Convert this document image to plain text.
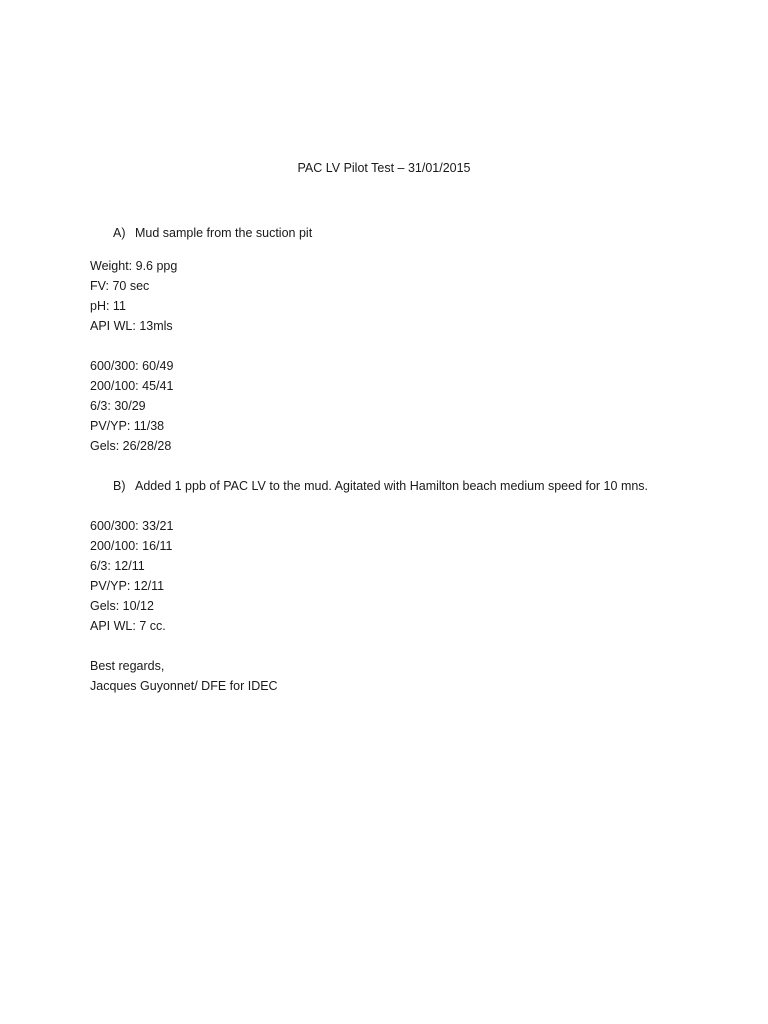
PAC LV Pilot Test – 31/01/2015
A) Mud sample from the suction pit
Weight: 9.6 ppg
FV: 70 sec
pH: 11
API WL: 13mls
600/300: 60/49
200/100: 45/41
6/3: 30/29
PV/YP: 11/38
Gels: 26/28/28
B) Added 1 ppb of PAC LV to the mud. Agitated with Hamilton beach medium speed for 10 mns.
600/300: 33/21
200/100: 16/11
6/3: 12/11
PV/YP: 12/11
Gels: 10/12
API WL: 7 cc.
Best regards,
Jacques Guyonnet/ DFE for IDEC
